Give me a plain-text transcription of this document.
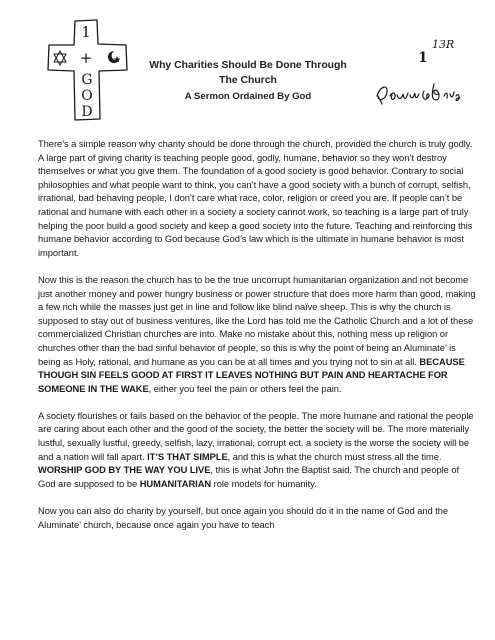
1
+
G
O
D
Why Charities Should Be Done Through
The Church
A Sermon Ordained By God
13R
1

There’s a simple reason why charity should be done through the church, provided the church is truly godly. A large part of giving charity is teaching people good, godly, humane, behavior so they won’t destroy themselves or what you give them. The foundation of a good society is good behavior. Contrary to social philosophies and what people want to think, you can’t have a good society with a bunch of corrupt, selfish, irrational, bad behaving people, I don’t care what race, color, religion or creed you are. If people can’t be rational and humane with each other in a society a society cannot work, so teaching is a large part of truly helping the poor build a good society and keep a good society into the future. Teaching and reinforcing this humane behavior according to God because God’s law which is the ultimate in humane behavior is most important.

Now this is the reason the church has to be the true uncorrupt humanitarian organization and not become just another money and power hungry business or power structure that does more harm than good, making a few rich while the masses just get in line and follow like blind naïve sheep. This is why the church is supposed to stay out of business ventures, like the Lord has told me the Catholic Church and a lot of these commercialized Christian churches are into. Make no mistake about this, nothing mess up religion or churches other than the bad sinful behavior of people, so this is why the point of being an Aluminate’ is being as Holy, rational, and humane as you can be at all times and you trying not to sin at all. BECAUSE THOUGH SIN FEELS GOOD AT FIRST IT LEAVES NOTHING BUT PAIN AND HEARTACHE FOR SOMEONE IN THE WAKE, either you feel the pain or others feel the pain.

A society flourishes or fails based on the behavior of the people. The more humane and rational the people are caring about each other and the good of the society, the better the society will be. The more materially lustful, sexually lustful, greedy, selfish, lazy, irrational, corrupt ect. a society is the worse the society will be and a nation will fall apart. IT’S THAT SIMPLE, and this is what the church must stress all the time. WORSHIP GOD BY THE WAY YOU LIVE, this is what John the Baptist said. The church and people of God are supposed to be HUMANITARIAN role models for humanity.

Now you can also do charity by yourself, but once again you should do it in the name of God and the Aluminate’ church, because once again you have to teach
